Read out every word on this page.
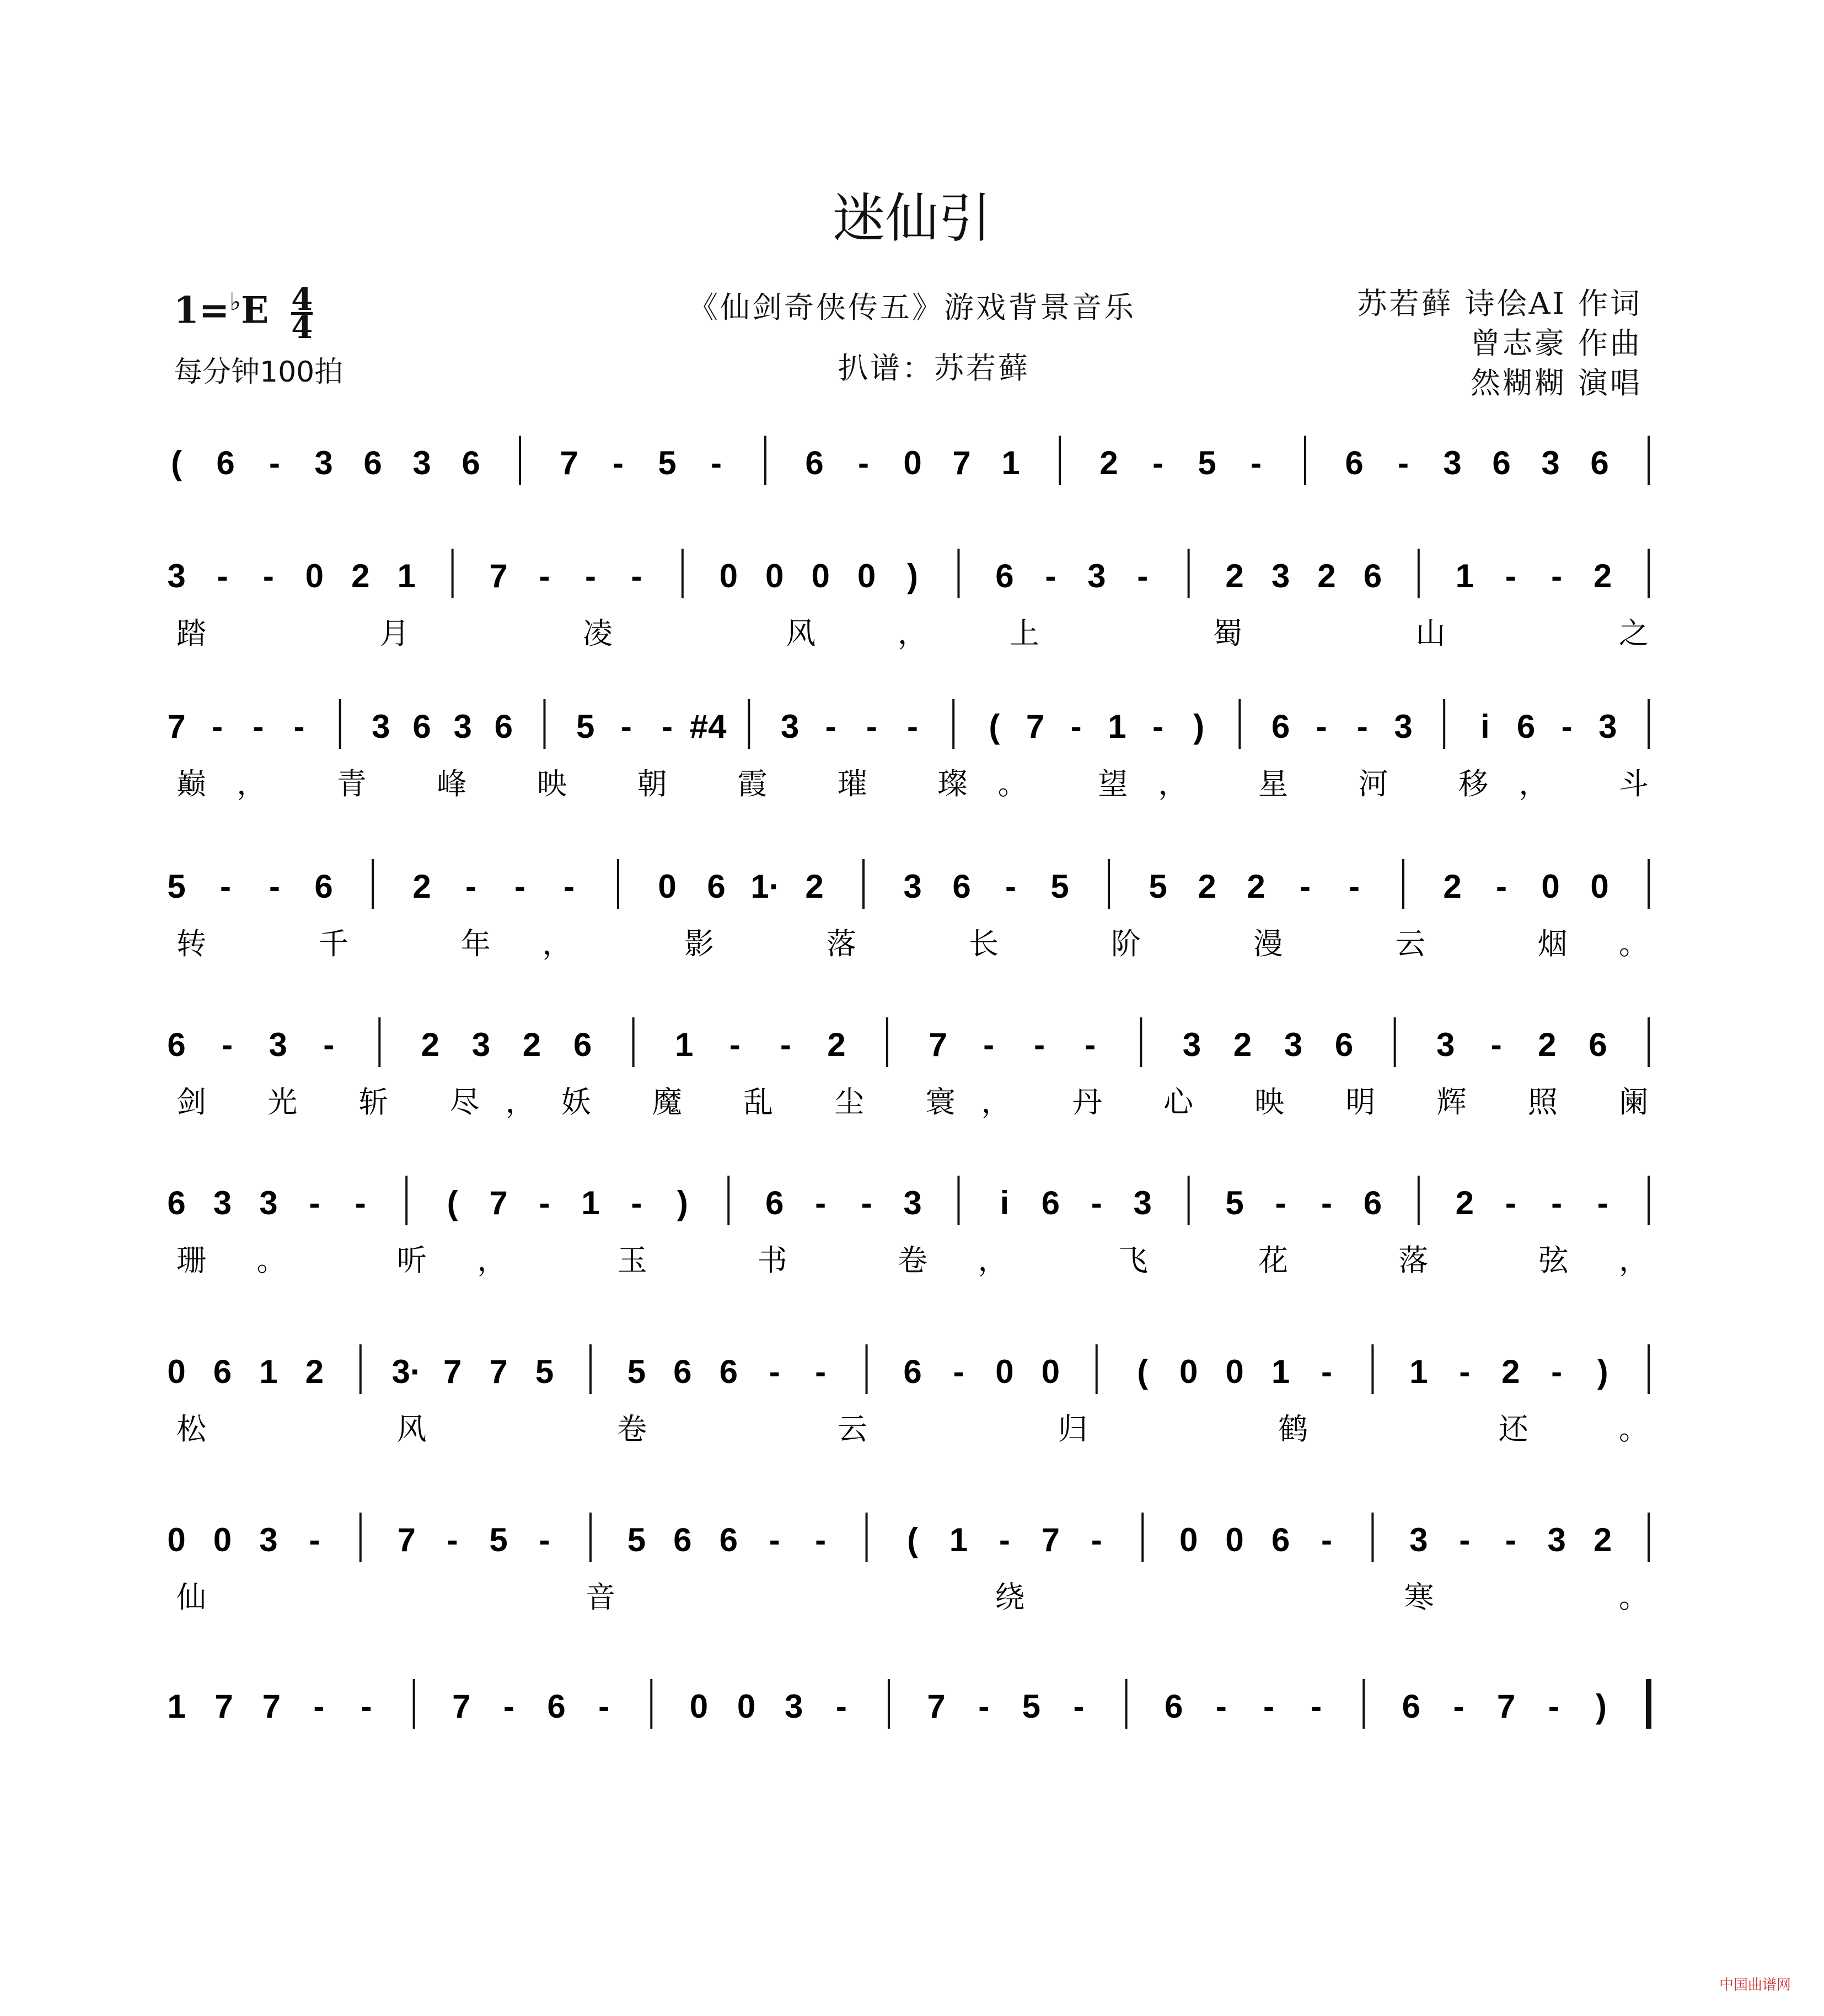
迷仙引
$1=^♭E \frac{4}{4}$
每分钟100拍
《仙剑奇侠传五》游戏背景音乐
扒谱：苏若藓
苏若藓 诗侩AI 作词
曾志豪 作曲
然糊糊 演唱
( 6 - 3 6 3 6 7 - 5 -	6 - 0 7 1 2 - 5 -	6 - 3 6 3 6
3 - - 0 2 1 7 - - - 0 0 0 0 ) 6 - 3 - 2 3 2 6 1 - - 2
踏 月 凌 风，上 蜀 山 之
7 - - - 3 6 3 6 5 - - #4 3 - - - ( 7 - 1 - ) 6 - - 3 i 6 - 3
巅， 青 峰 映 朝 霞 璀 璨。 望， 星 河 移， 斗
5 - - 6 2 - - -	0 6 1· 2 3 6 - 5 5 2 2 - -	2 - 0 0
转 千 年， 影 落 长 阶 漫 云 烟。
6 - 3 -	2 3 2 6	1 - - 2	7 - - -	3 2 3 6	3 - 2 6
剑 光 斩 尽，妖 魔 乱 尘 寰， 丹 心 映 明 辉 照 阑
6 3 3 - - ( 7 - 1 - ) 6 - - 3 i 6 - 3 5 - - 6 2 - - -
珊。 听， 玉 书 卷， 飞 花 落 弦，
0 6 1 2 3· 7 7 5 5 6 6 - - 6 - 0 0 ( 0 0 1 - 1 - 2 - )
松 风 卷 云 归 鹤 还。
0 0 3 - 7 - 5 - 5 6 6 - - ( 1 - 7 - 0 0 6 - 3 - - 3 2
仙 音 绕 寒。
1 7 7 - - 7 - 6 - 0 0 3 - 7 - 5 - 6 - - - 6 - 7 - )
中国曲谱网
